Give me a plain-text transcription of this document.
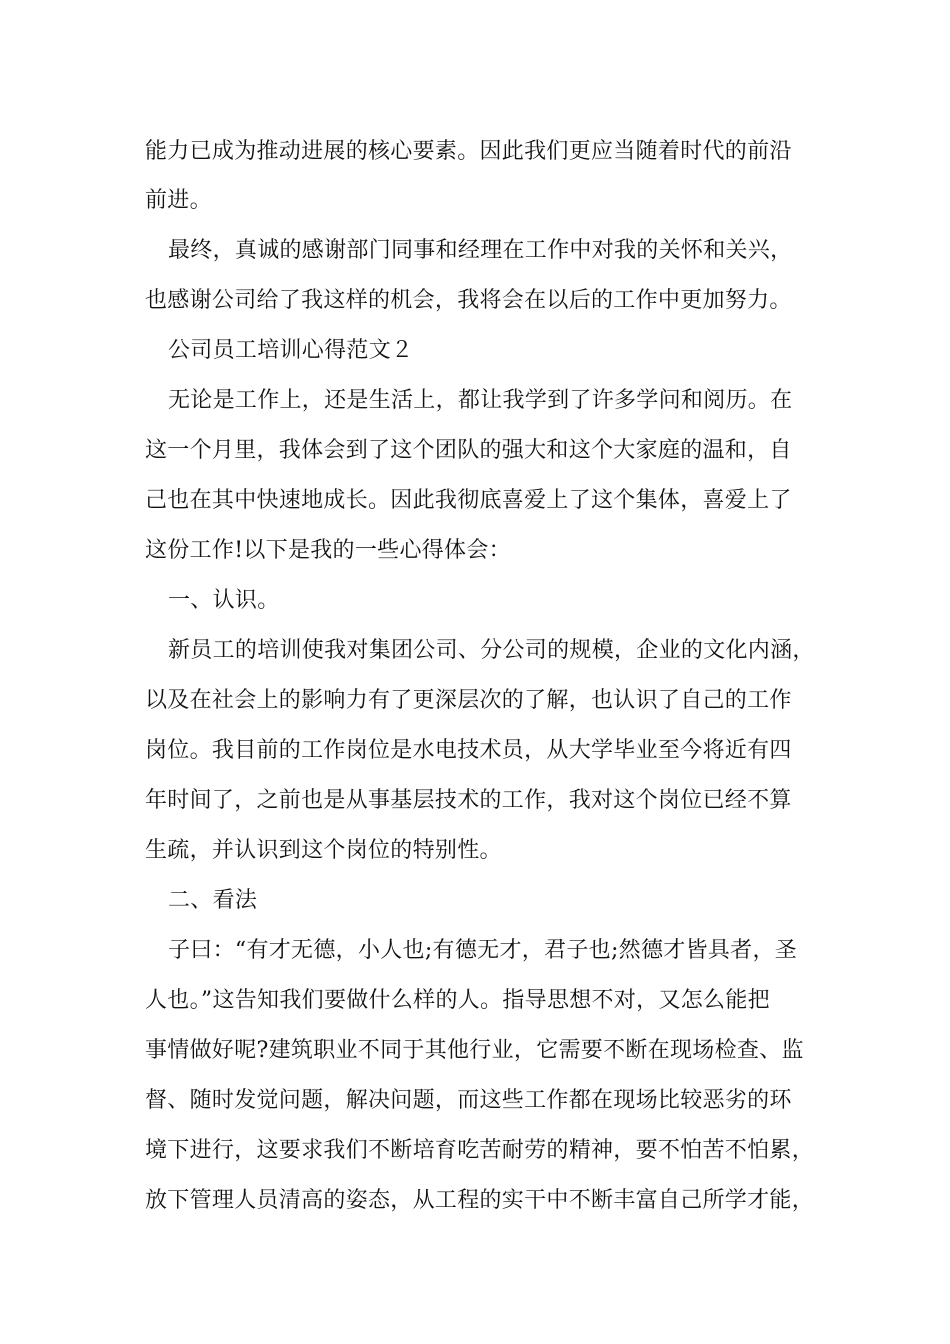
能力已成为推动进展的核心要素。因此我们更应当随着时代的前沿
前进。
最终，真诚的感谢部门同事和经理在工作中对我的关怀和关兴，
也感谢公司给了我这样的机会，我将会在以后的工作中更加努力。
公司员工培训心得范文２
无论是工作上，还是生活上，都让我学到了许多学问和阅历。在
这一个月里，我体会到了这个团队的强大和这个大家庭的温和，自
己也在其中快速地成长。因此我彻底喜爱上了这个集体，喜爱上了
这份工作!以下是我的一些心得体会：
一、认识。
新员工的培训使我对集团公司、分公司的规模，企业的文化内涵，
以及在社会上的影响力有了更深层次的了解，也认识了自己的工作
岗位。我目前的工作岗位是水电技术员，从大学毕业至今将近有四
年时间了，之前也是从事基层技术的工作，我对这个岗位已经不算
生疏，并认识到这个岗位的特别性。
二、看法
子曰：“有才无德，小人也;有德无才，君子也;然德才皆具者，圣
人也。”这告知我们要做什么样的人。指导思想不对，又怎么能把
事情做好呢?建筑职业不同于其他行业，它需要不断在现场检查、监
督、随时发觉问题，解决问题，而这些工作都在现场比较恶劣的环
境下进行，这要求我们不断培育吃苦耐劳的精神，要不怕苦不怕累，
放下管理人员清高的姿态，从工程的实干中不断丰富自己所学才能，
